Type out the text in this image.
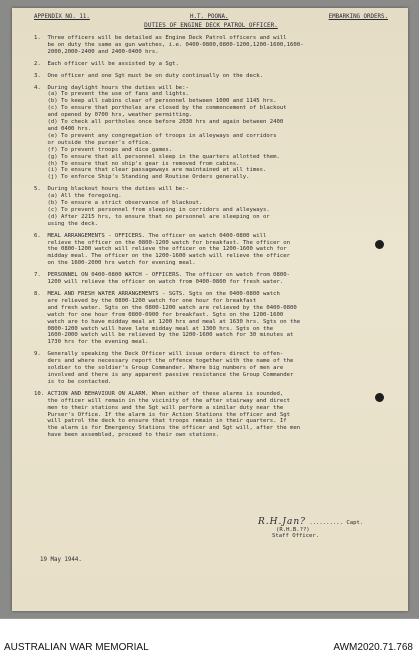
APPENDIX NO. 11.	H.T. POONA.	EMBARKING ORDERS.
DUTIES OF ENGINE DECK PATROL OFFICER.

1.  Three officers will be detailed as Engine Deck Patrol officers and will
be on duty the same as gun watches, i.e. 0400-0800,0800-1200,1200-1600,1600-
2000,2000-2400 and 2400-0400 hrs.

2.  Each officer will be assisted by a Sgt.

3.  One officer and one Sgt must be on duty continually on the deck.

4.  During daylight hours the duties will be:-
(a) To prevent the use of fans and lights.
(b) To keep all cabins clear of personnel between 1000 and 1145 hrs.
(c) To ensure that portholes are closed by the commencement of blackout
and opened by 0700 hrs, weather permitting.
(d) To check all portholes once before 2030 hrs and again between 2400
and 0400 hrs.
(e) To prevent any congregation of troops in alleyways and corridors
or outside the purser's office.
(f) To prevent troops and dice games.
(g) To ensure that all personnel sleep in the quarters allotted them.
(h) To ensure that no ship's gear is removed from cabins.
(i) To ensure that clear passageways are maintained at all times.
(j) To enforce Ship's Standing and Routine Orders generally.

5.  During blackout hours the duties will be:-
(a) All the foregoing.
(b) To ensure a strict observance of blackout.
(c) To prevent personnel from sleeping in corridors and alleyways.
(d) After 2215 hrs, to ensure that no personnel are sleeping on or
using the deck.

6.  MEAL ARRANGEMENTS - OFFICERS. The officer on watch 0400-0800 will
relieve the officer on the 0800-1200 watch for breakfast. The officer on
the 0800-1200 watch will relieve the officer on the 1200-1600 watch for
midday meal. The officer on the 1200-1600 watch will relieve the officer
on the 1600-2000 hrs watch for evening meal.

7.  PERSONNEL ON 0400-0800 WATCH - OFFICERS. The officer on watch from 0800-
1200 will relieve the officer on watch from 0400-0800 for fresh water.

8.  MEAL AND FRESH WATER ARRANGEMENTS - SGTS. Sgts on the 0400-0800 watch
are relieved by the 0800-1200 watch for one hour for breakfast
and fresh water. Sgts on the 0800-1200 watch are relieved by the 0400-0800
watch for one hour from 0800-0900 for breakfast. Sgts on the 1200-1600
watch are to have midday meal at 1200 hrs and meal at 1630 hrs. Sgts on the
0800-1200 watch will have late midday meal at 1300 hrs. Sgts on the
1600-2000 watch will be relieved by the 1200-1600 watch for 30 minutes at
1730 hrs for the evening meal.

9.  Generally speaking the Deck Officer will issue orders direct to offen-
ders and where necessary report the offence together with the name of the
soldier to the soldier's Group Commander. Where big numbers of men are
involved and there is any apparent passive resistance the Group Commander
is to be contacted.

10. ACTION AND BEHAVIOUR ON ALARM. When either of these alarms is sounded,
the officer will remain in the vicinity of the after stairway and direct
men to their stations and the Sgt will perform a similar duty near the
Purser's Office. If the alarm is for Action Stations the officer and Sgt
will patrol the deck to ensure that troops remain in their quarters. If
the alarm is for Emergency Stations the officer and Sgt will, after the men
have been assembled, proceed to their own stations.

R.H.Jan? .......... Capt.
(R.H.B.??)
Staff Officer.
19 May 1944.
AUSTRALIAN WAR MEMORIAL	AWM2020.71.768
